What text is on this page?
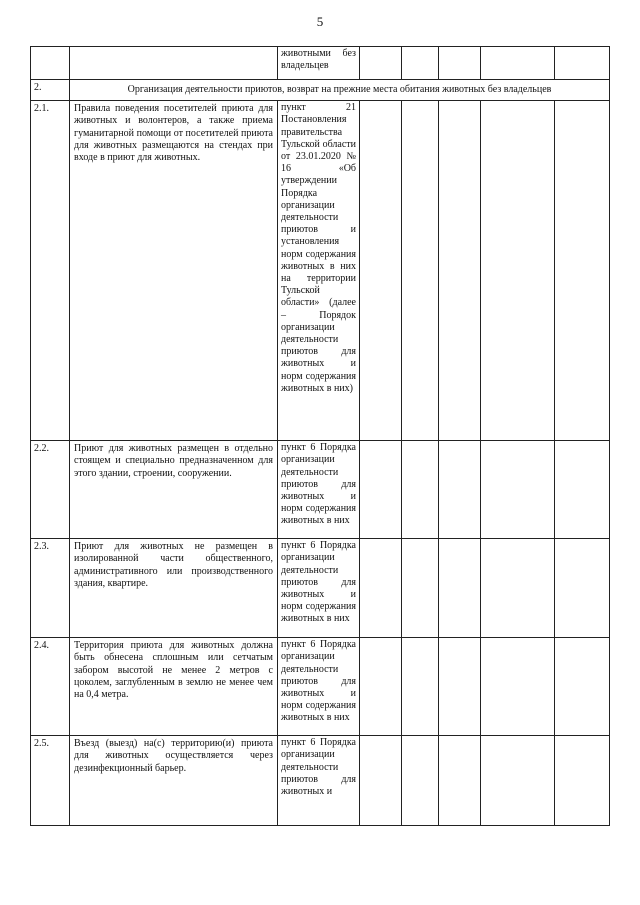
5
		животными без владельцев					
2.	Организация деятельности приютов, возврат на прежние места обитания животных без владельцев						
2.1.	Правила поведения посетителей приюта для животных и волонтеров, а также приема гуманитарной помощи от посетителей приюта для животных размещаются на стендах при входе в приют для животных.	пункт 21 Постановления правительства Тульской области от 23.01.2020 № 16 «Об утверждении Порядка организации деятельности приютов и установления норм содержания животных в них на территории Тульской области» (далее – Порядок организации деятельности приютов для животных и норм содержания животных в них)					
2.2.	Приют для животных размещен в отдельно стоящем и специально предназначенном для этого здании, строении, сооружении.	пункт 6 Порядка организации деятельности приютов для животных и норм содержания животных в них					
2.3.	Приют для животных не размещен в изолированной части общественного, административного или производственного здания, квартире.	пункт 6 Порядка организации деятельности приютов для животных и норм содержания животных в них					
2.4.	Территория приюта для животных должна быть обнесена сплошным или сетчатым забором высотой не менее 2 метров с цоколем, заглубленным в землю не менее чем на 0,4 метра.	пункт 6 Порядка организации деятельности приютов для животных и норм содержания животных в них					
2.5.	Въезд (выезд) на(с) территорию(и) приюта для животных осуществляется через дезинфекционный барьер.	пункт 6 Порядка организации деятельности приютов для животных и					
